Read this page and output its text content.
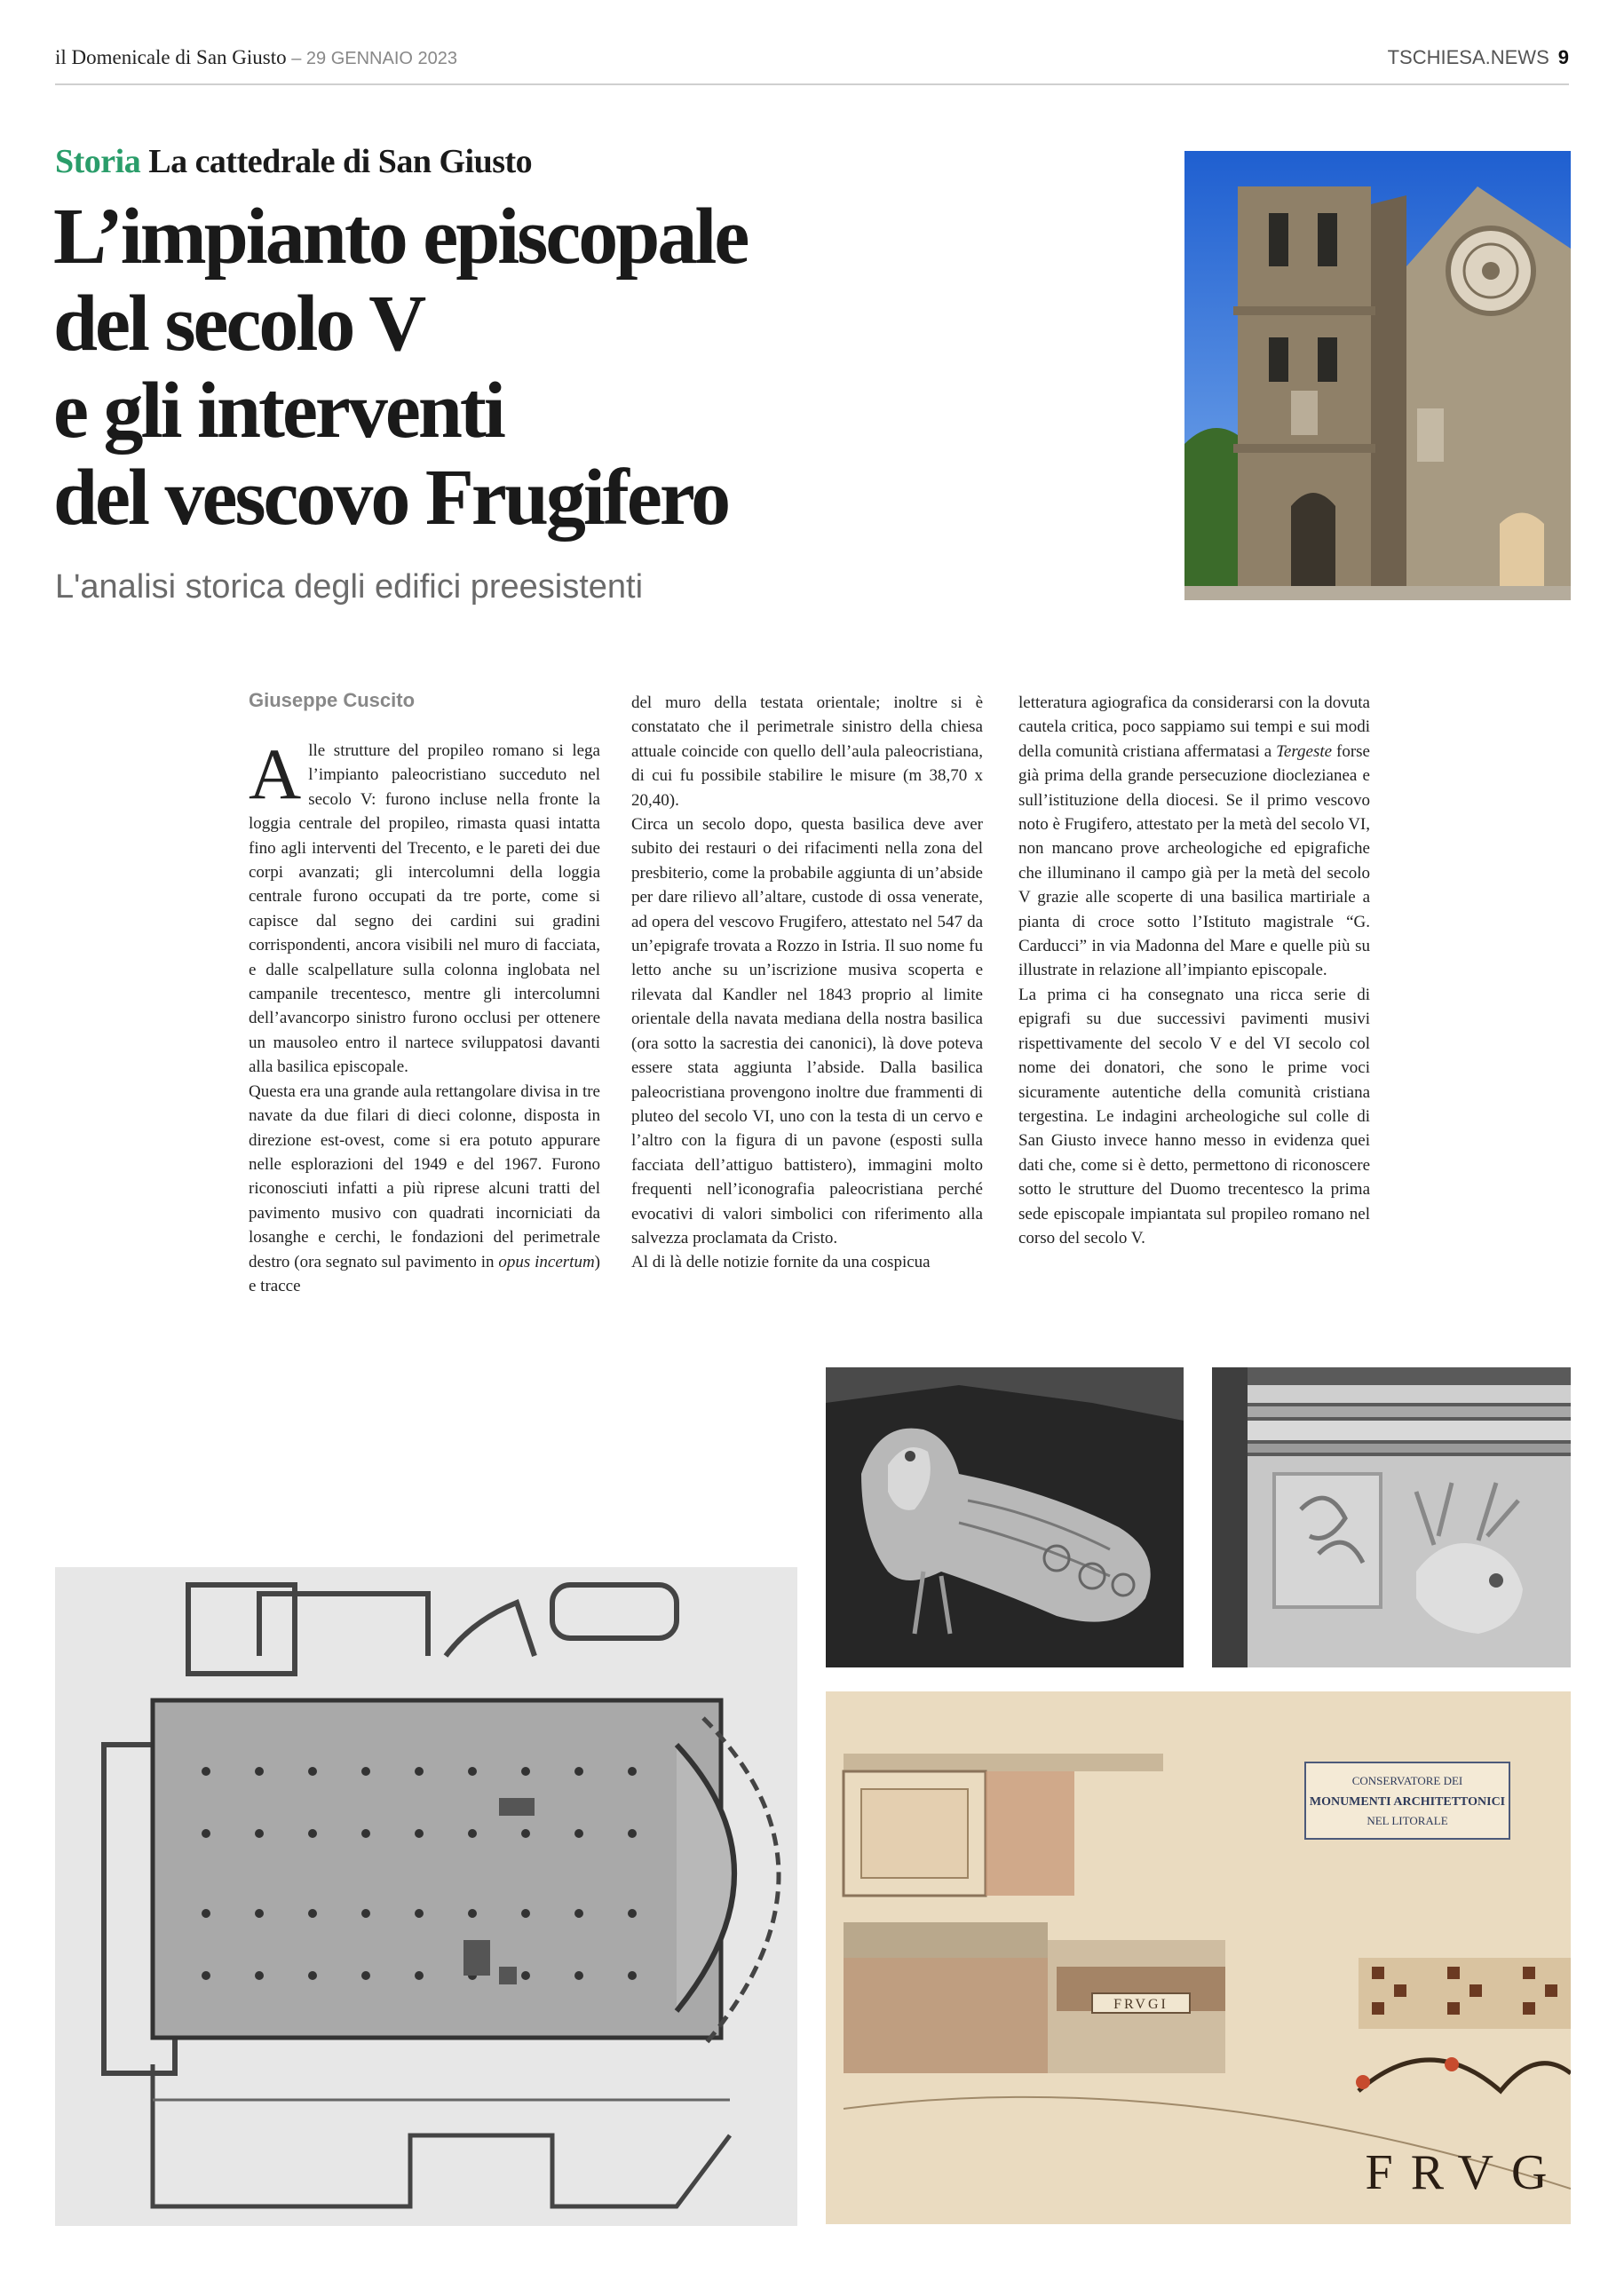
il Domenicale di San Giusto – 29 GENNAIO 2023	TSCHIESA.NEWS 9
Storia La cattedrale di San Giusto
L’impianto episcopale
del secolo V
e gli interventi
del vescovo Frugifero
L'analisi storica degli edifici preesistenti
Giuseppe Cuscito

Alle strutture del propileo romano si lega l’impianto paleocristiano succeduto nel secolo V: furono incluse nella fronte la loggia centrale del propileo, rimasta quasi intatta fino agli interventi del Trecento, e le pareti dei due corpi avanzati; gli intercolumni della loggia centrale furono occupati da tre porte, come si capisce dal segno dei cardini sui gradini corrispondenti, ancora visibili nel muro di facciata, e dalle scalpellature sulla colonna inglobata nel campanile trecentesco, mentre gli intercolumni dell’avancorpo sinistro furono occlusi per ottenere un mausoleo entro il nartece sviluppatosi davanti alla basilica episcopale.

Questa era una grande aula rettangolare divisa in tre navate da due filari di dieci colonne, disposta in direzione est-ovest, come si era potuto appurare nelle esplorazioni del 1949 e del 1967. Furono riconosciuti infatti a più riprese alcuni tratti del pavimento musivo con quadrati incorniciati da losanghe e cerchi, le fondazioni del perimetrale destro (ora segnato sul pavimento in opus incertum) e tracce

del muro della testata orientale; inoltre si è constatato che il perimetrale sinistro della chiesa attuale coincide con quello dell’aula paleocristiana, di cui fu possibile stabilire le misure (m 38,70 x 20,40).

Circa un secolo dopo, questa basilica deve aver subito dei restauri o dei rifacimenti nella zona del presbiterio, come la probabile aggiunta di un’abside per dare rilievo all’altare, custode di ossa venerate, ad opera del vescovo Frugifero, attestato nel 547 da un’epigrafe trovata a Rozzo in Istria. Il suo nome fu letto anche su un’iscrizione musiva scoperta e rilevata dal Kandler nel 1843 proprio al limite orientale della navata mediana della nostra basilica (ora sotto la sacrestia dei canonici), là dove poteva essere stata aggiunta l’abside. Dalla basilica paleocristiana provengono inoltre due frammenti di pluteo del secolo VI, uno con la testa di un cervo e l’altro con la figura di un pavone (esposti sulla facciata dell’attiguo battistero), immagini molto frequenti nell’iconografia paleocristiana perché evocativi di valori simbolici con riferimento alla salvezza proclamata da Cristo.

Al di là delle notizie fornite da una cospicua

letteratura agiografica da considerarsi con la dovuta cautela critica, poco sappiamo sui tempi e sui modi della comunità cristiana affermatasi a Tergeste forse già prima della grande persecuzione dioclezianea e sull’istituzione della diocesi. Se il primo vescovo noto è Frugifero, attestato per la metà del secolo VI, non mancano prove archeologiche ed epigrafiche che illuminano il campo già per la metà del secolo V grazie alle scoperte di una basilica martiriale a pianta di croce sotto l’Istituto magistrale “G. Carducci” in via Madonna del Mare e quelle più su illustrate in relazione all’impianto episcopale.

La prima ci ha consegnato una ricca serie di epigrafi su due successivi pavimenti musivi rispettivamente del secolo V e del VI secolo col nome dei donatori, che sono le prime voci sicuramente autentiche della comunità cristiana tergestina. Le indagini archeologiche sul colle di San Giusto invece hanno messo in evidenza quei dati che, come si è detto, permettono di riconoscere sotto le strutture del Duomo trecentesco la prima sede episcopale impiantata sul propileo romano nel corso del secolo V.

FRVGI
CONSERVATORE DEI
MONUMENTI ARCHITETTONICI
NEL LITORALE
FRVG
